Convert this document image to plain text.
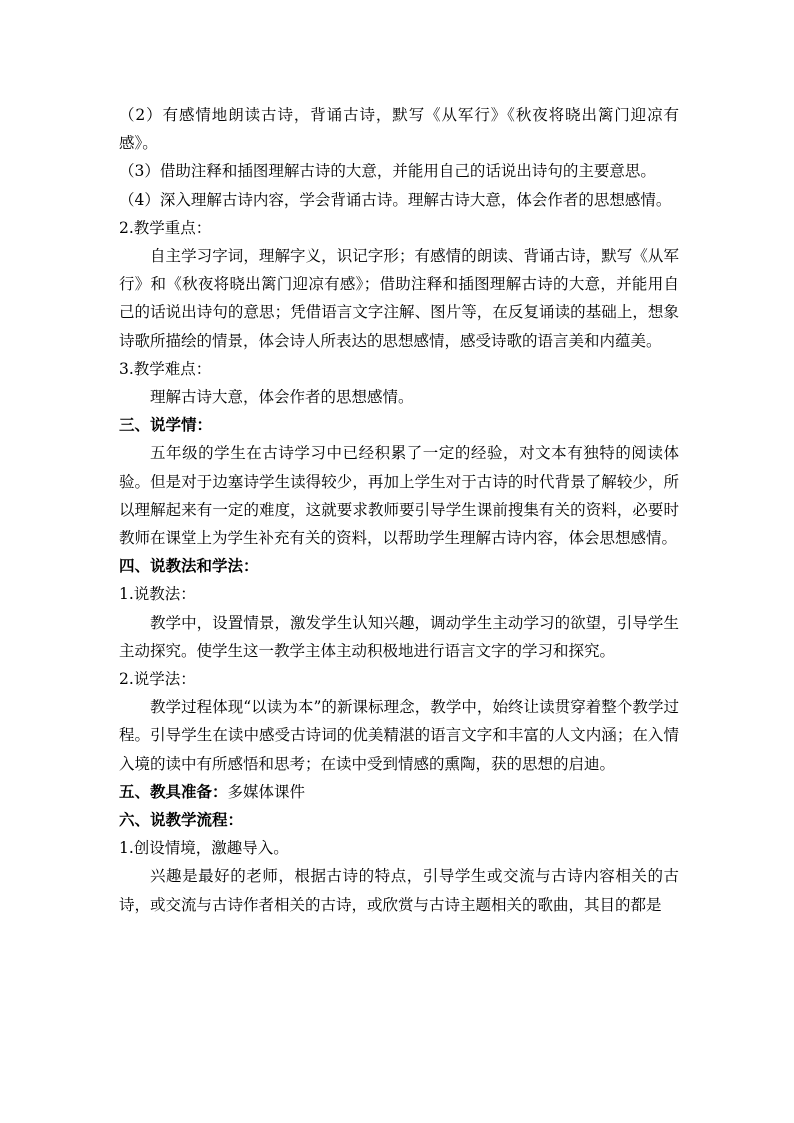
（2）有感情地朗读古诗，背诵古诗，默写《从军行》《秋夜将晓出篱门迎凉有感》。
（3）借助注释和插图理解古诗的大意，并能用自己的话说出诗句的主要意思。
（4）深入理解古诗内容，学会背诵古诗。理解古诗大意，体会作者的思想感情。
2.教学重点：
自主学习字词，理解字义，识记字形；有感情的朗读、背诵古诗，默写《从军行》和《秋夜将晓出篱门迎凉有感》；借助注释和插图理解古诗的大意，并能用自己的话说出诗句的意思；凭借语言文字注解、图片等，在反复诵读的基础上，想象诗歌所描绘的情景，体会诗人所表达的思想感情，感受诗歌的语言美和内蕴美。
3.教学难点：
理解古诗大意，体会作者的思想感情。
三、说学情：
五年级的学生在古诗学习中已经积累了一定的经验，对文本有独特的阅读体验。但是对于边塞诗学生读得较少，再加上学生对于古诗的时代背景了解较少，所以理解起来有一定的难度，这就要求教师要引导学生课前搜集有关的资料，必要时教师在课堂上为学生补充有关的资料，以帮助学生理解古诗内容，体会思想感情。
四、说教法和学法：
1.说教法：
教学中，设置情景，激发学生认知兴趣，调动学生主动学习的欲望，引导学生主动探究。使学生这一教学主体主动积极地进行语言文字的学习和探究。
2.说学法：
教学过程体现“以读为本”的新课标理念，教学中，始终让读贯穿着整个教学过程。引导学生在读中感受古诗词的优美精湛的语言文字和丰富的人文内涵；在入情入境的读中有所感悟和思考；在读中受到情感的熏陶，获的思想的启迪。
五、教具准备：多媒体课件
六、说教学流程：
1.创设情境，激趣导入。
兴趣是最好的老师，根据古诗的特点，引导学生或交流与古诗内容相关的古诗，或交流与古诗作者相关的古诗，或欣赏与古诗主题相关的歌曲，其目的都是
